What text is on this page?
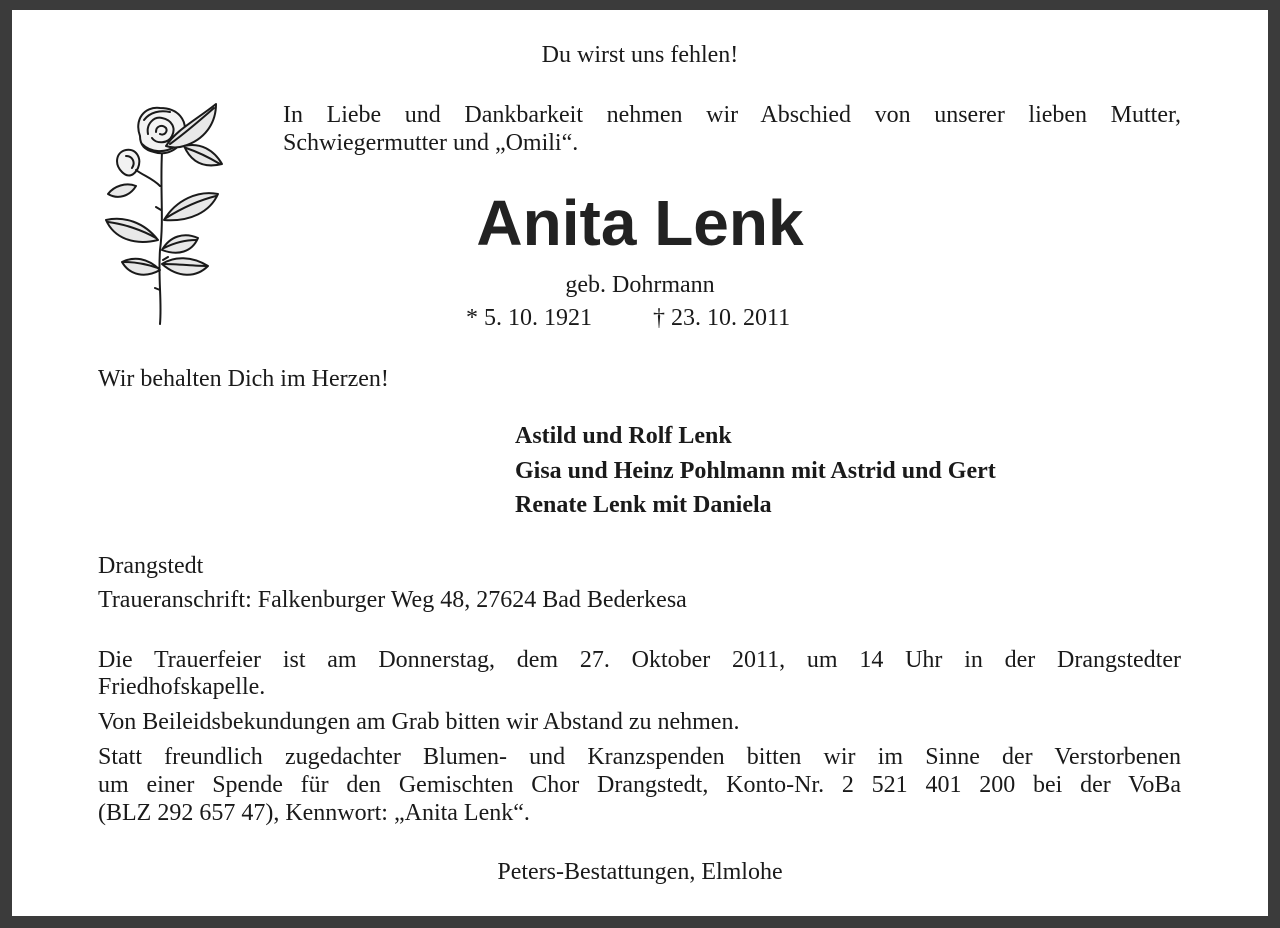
Du wirst uns fehlen!

In Liebe und Dankbarkeit nehmen wir Abschied von unserer lieben Mutter,

Schwiegermutter und „Omili“.

Anita Lenk

geb. Dohrmann

* 5. 10. 1921	† 23. 10. 2011

Wir behalten Dich im Herzen!

Astild und Rolf Lenk

Gisa und Heinz Pohlmann mit Astrid und Gert

Renate Lenk mit Daniela

Drangstedt

Traueranschrift: Falkenburger Weg 48, 27624 Bad Bederkesa

Die Trauerfeier ist am Donnerstag, dem 27. Oktober 2011, um 14 Uhr in der Drangstedter

Friedhofskapelle.

Von Beileidsbekundungen am Grab bitten wir Abstand zu nehmen.

Statt freundlich zugedachter Blumen- und Kranzspenden bitten wir im Sinne der Verstorbenen

um einer Spende für den Gemischten Chor Drangstedt, Konto-Nr. 2 521 401 200 bei der VoBa

(BLZ 292 657 47), Kennwort: „Anita Lenk“.

Peters-Bestattungen, Elmlohe
